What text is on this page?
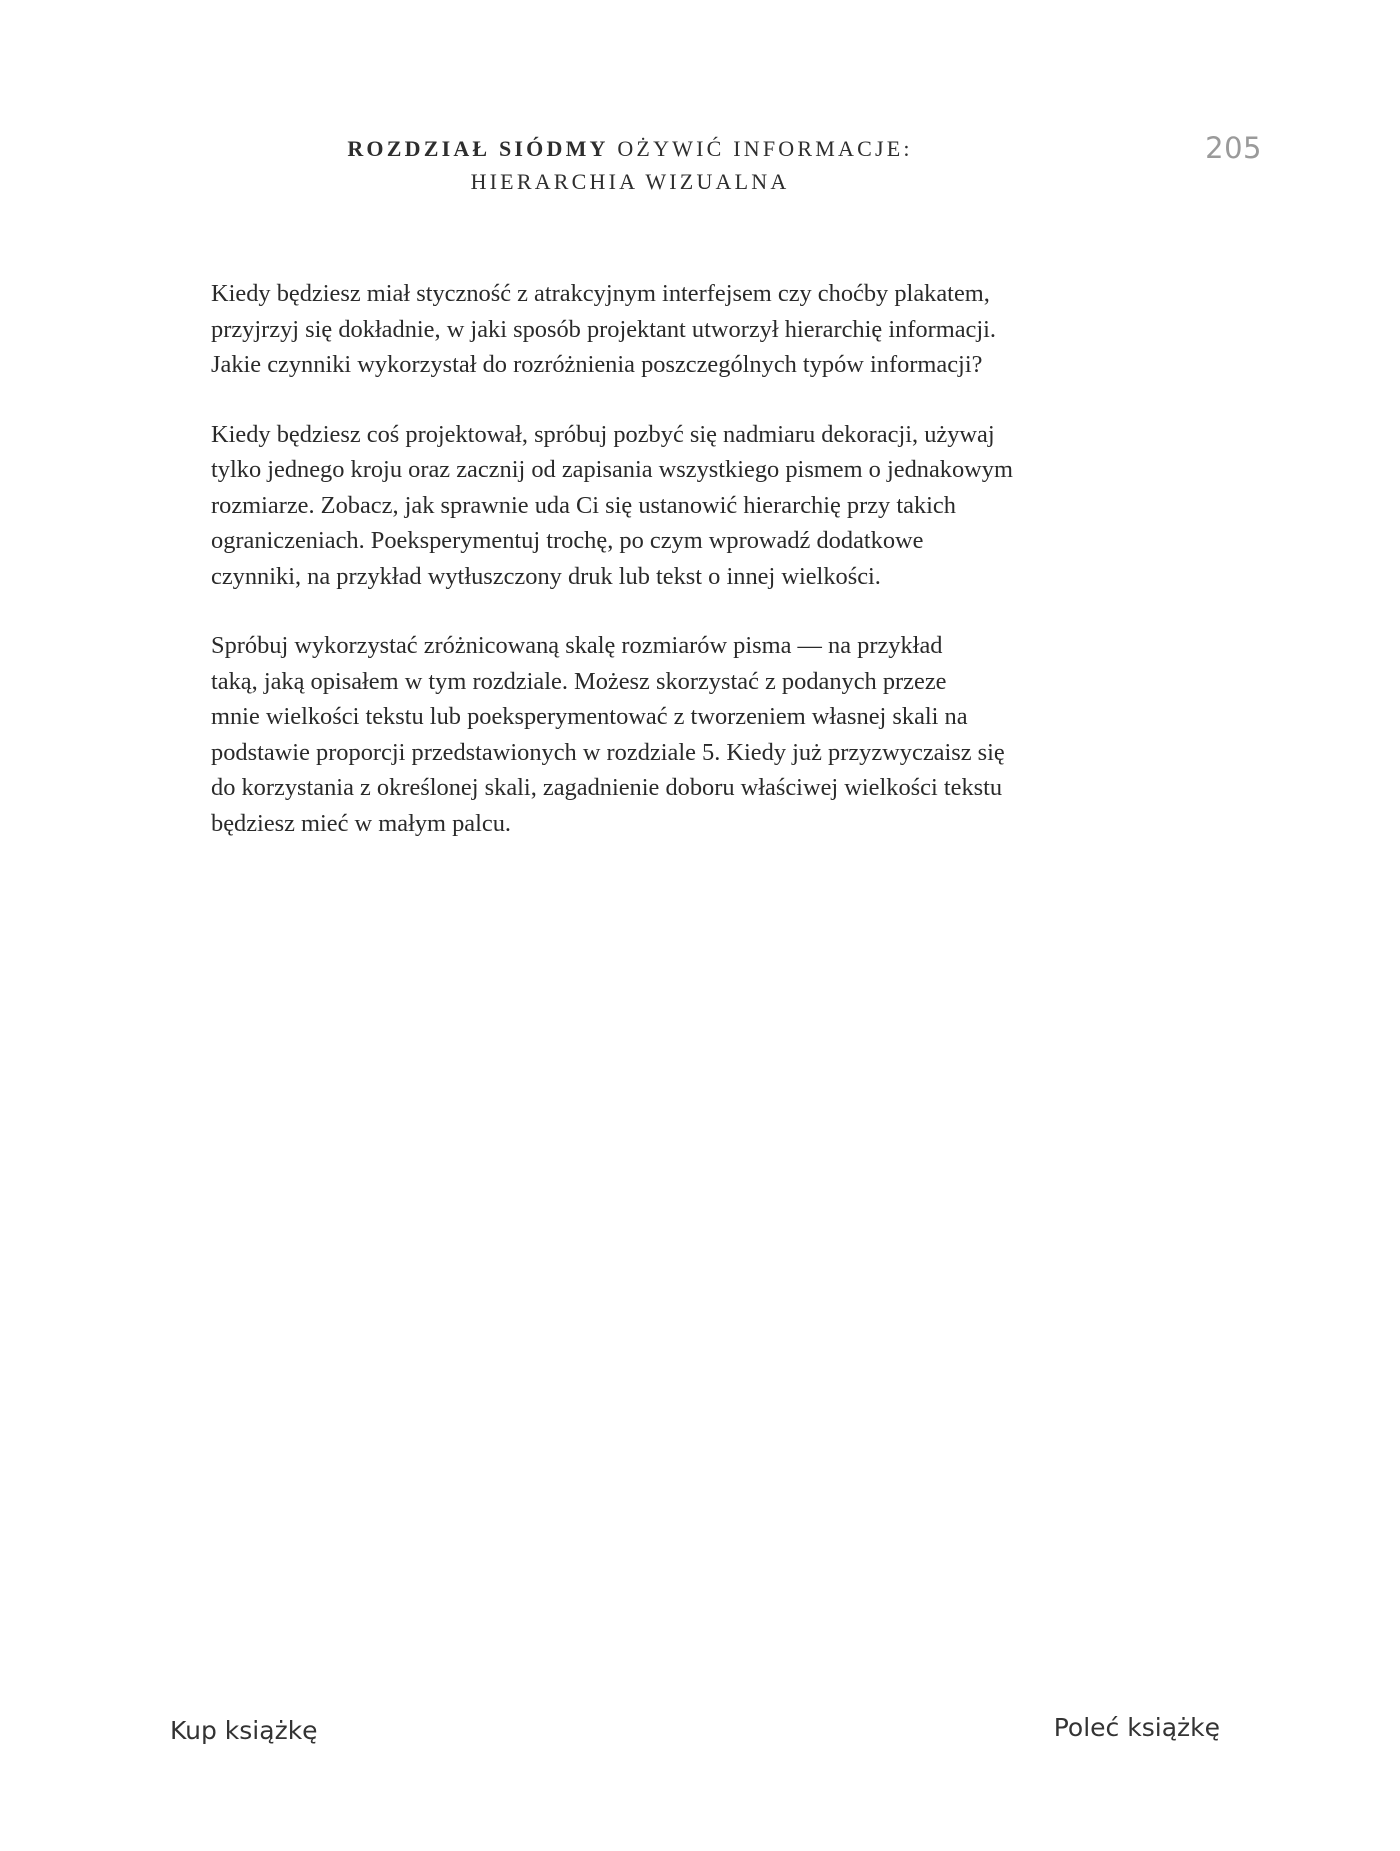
ROZDZIAŁ SIÓDMY OŻYWIĆ INFORMACJE:
HIERARCHIA WIZUALNA
205

Kiedy będziesz miał styczność z atrakcyjnym interfejsem czy choćby plakatem,
przyjrzyj się dokładnie, w jaki sposób projektant utworzył hierarchię informacji.
Jakie czynniki wykorzystał do rozróżnienia poszczególnych typów informacji?

Kiedy będziesz coś projektował, spróbuj pozbyć się nadmiaru dekoracji, używaj
tylko jednego kroju oraz zacznij od zapisania wszystkiego pismem o jednakowym
rozmiarze. Zobacz, jak sprawnie uda Ci się ustanowić hierarchię przy takich
ograniczeniach. Poeksperymentuj trochę, po czym wprowadź dodatkowe
czynniki, na przykład wytłuszczony druk lub tekst o innej wielkości.

Spróbuj wykorzystać zróżnicowaną skalę rozmiarów pisma — na przykład
taką, jaką opisałem w tym rozdziale. Możesz skorzystać z podanych przeze
mnie wielkości tekstu lub poeksperymentować z tworzeniem własnej skali na
podstawie proporcji przedstawionych w rozdziale 5. Kiedy już przyzwyczaisz się
do korzystania z określonej skali, zagadnienie doboru właściwej wielkości tekstu
będziesz mieć w małym palcu.

Kup książkę	Poleć książkę
